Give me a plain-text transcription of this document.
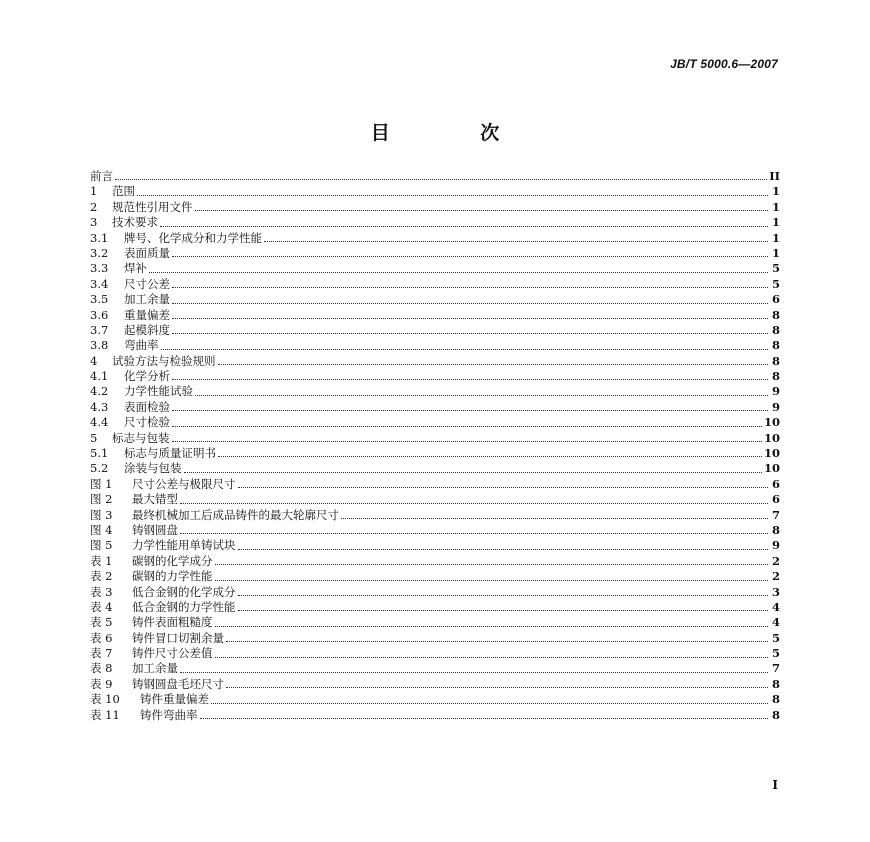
JB/T 5000.6—2007
目 次
前言	II
1	范围	1
2	规范性引用文件	1
3	技术要求	1
3.1	牌号、化学成分和力学性能	1
3.2	表面质量	1
3.3	焊补	5
3.4	尺寸公差	5
3.5	加工余量	6
3.6	重量偏差	8
3.7	起模斜度	8
3.8	弯曲率	8
4	试验方法与检验规则	8
4.1	化学分析	8
4.2	力学性能试验	9
4.3	表面检验	9
4.4	尺寸检验	10
5	标志与包装	10
5.1	标志与质量证明书	10
5.2	涂装与包装	10
图 1	尺寸公差与极限尺寸	6
图 2	最大错型	6
图 3	最终机械加工后成品铸件的最大轮廓尺寸	7
图 4	铸钢圆盘	8
图 5	力学性能用单铸试块	9
表 1	碳钢的化学成分	2
表 2	碳钢的力学性能	2
表 3	低合金钢的化学成分	3
表 4	低合金钢的力学性能	4
表 5	铸件表面粗糙度	4
表 6	铸件冒口切割余量	5
表 7	铸件尺寸公差值	5
表 8	加工余量	7
表 9	铸钢圆盘毛坯尺寸	8
表 10	铸件重量偏差	8
表 11	铸件弯曲率	8
I
